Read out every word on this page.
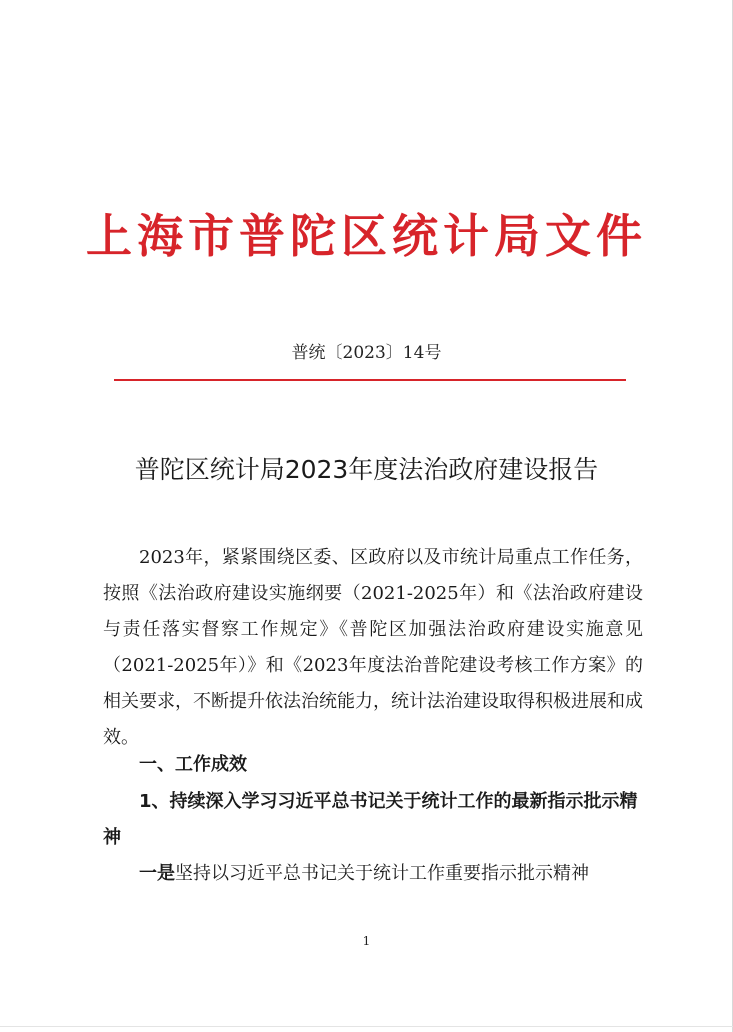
上海市普陀区统计局文件
普统〔2023〕14号
普陀区统计局2023年度法治政府建设报告
2023年，紧紧围绕区委、区政府以及市统计局重点工作任务，按照《法治政府建设实施纲要（2021-2025年）和《法治政府建设与责任落实督察工作规定》《普陀区加强法治政府建设实施意见（2021-2025年）》和《2023年度法治普陀建设考核工作方案》的相关要求，不断提升依法治统能力，统计法治建设取得积极进展和成效。
一、工作成效
1、持续深入学习习近平总书记关于统计工作的最新指示批示精神
一是坚持以习近平总书记关于统计工作重要指示批示精神
1
